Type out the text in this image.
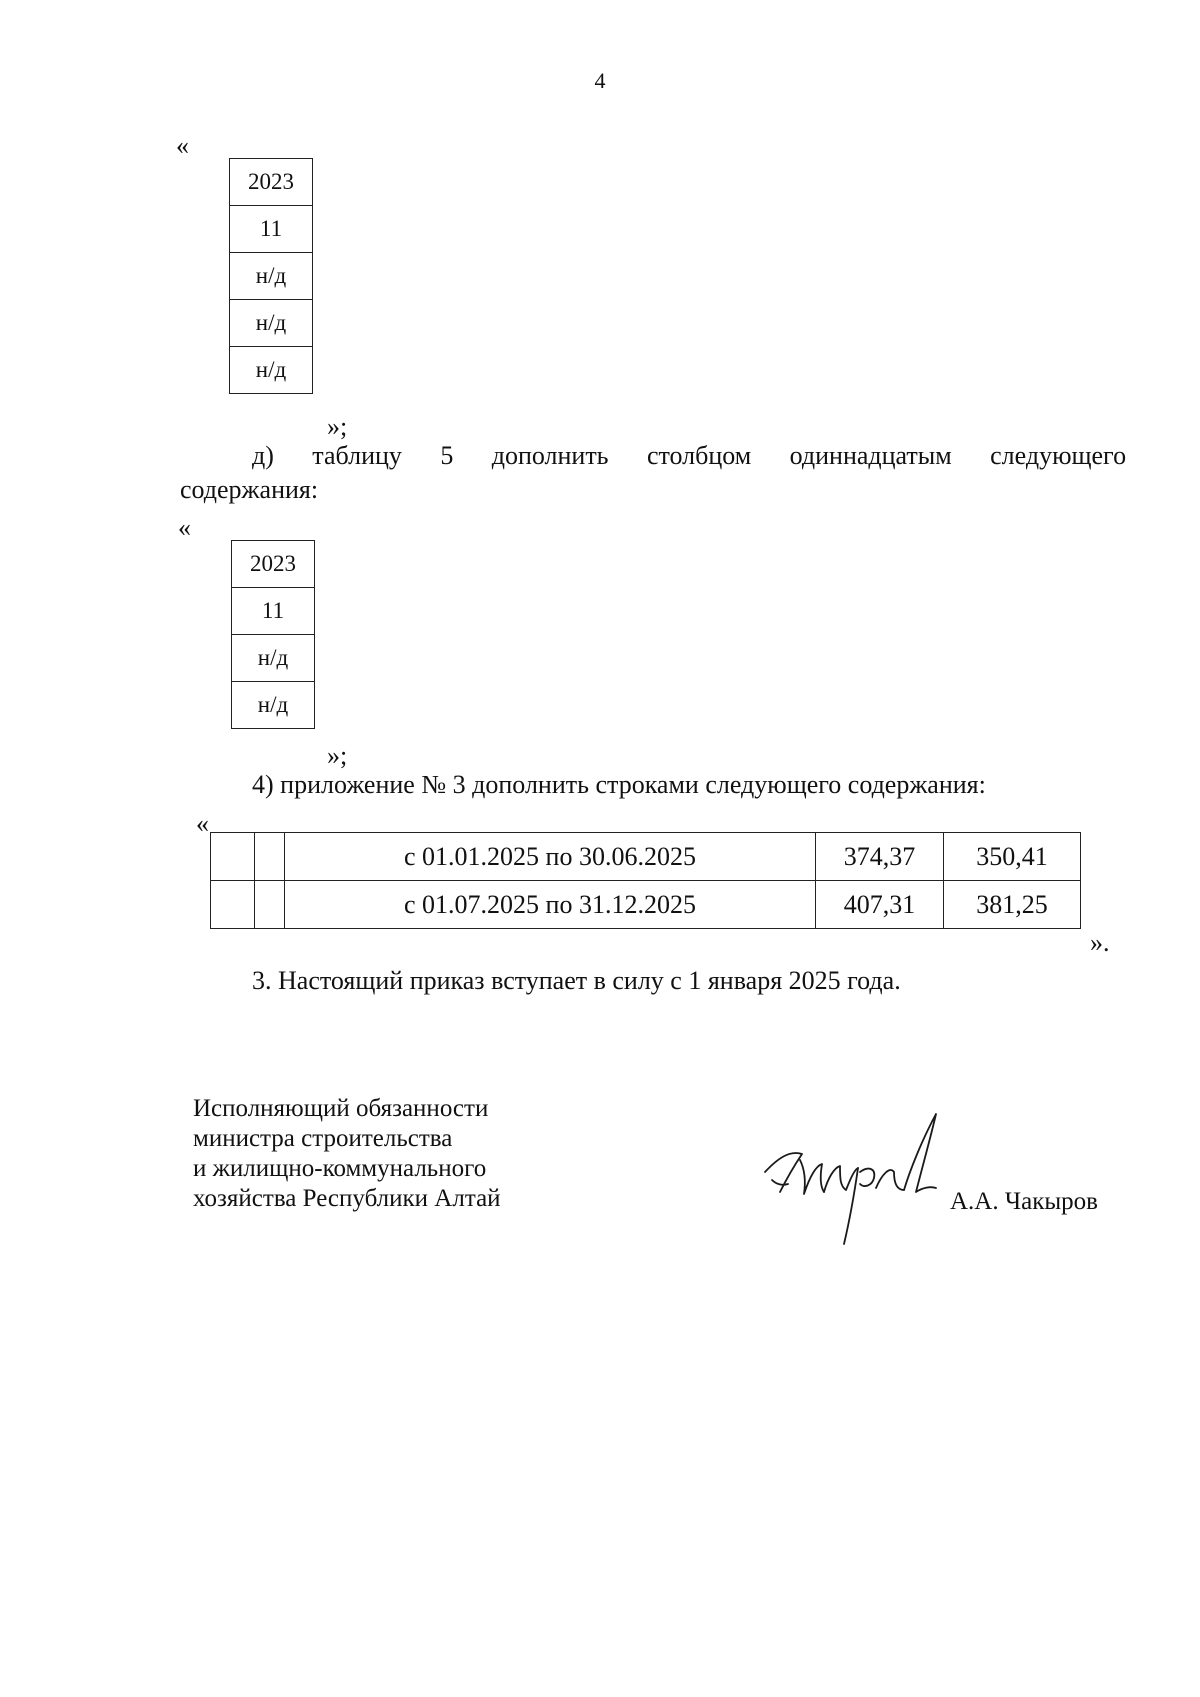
4
«
2023
11
н/д
н/д
н/д
»;
д) таблицу 5 дополнить столбцом одиннадцатым следующего
содержания:
«
2023
11
н/д
н/д
»;
4) приложение № 3 дополнить строками следующего содержания:
«
		с 01.01.2025 по 30.06.2025	374,37	350,41
		с 01.07.2025 по 31.12.2025	407,31	381,25
».
3. Настоящий приказ вступает в силу с 1 января 2025 года.
Исполняющий обязанности
министра строительства
и жилищно-коммунального
хозяйства Республики Алтай	А.А. Чакыров
